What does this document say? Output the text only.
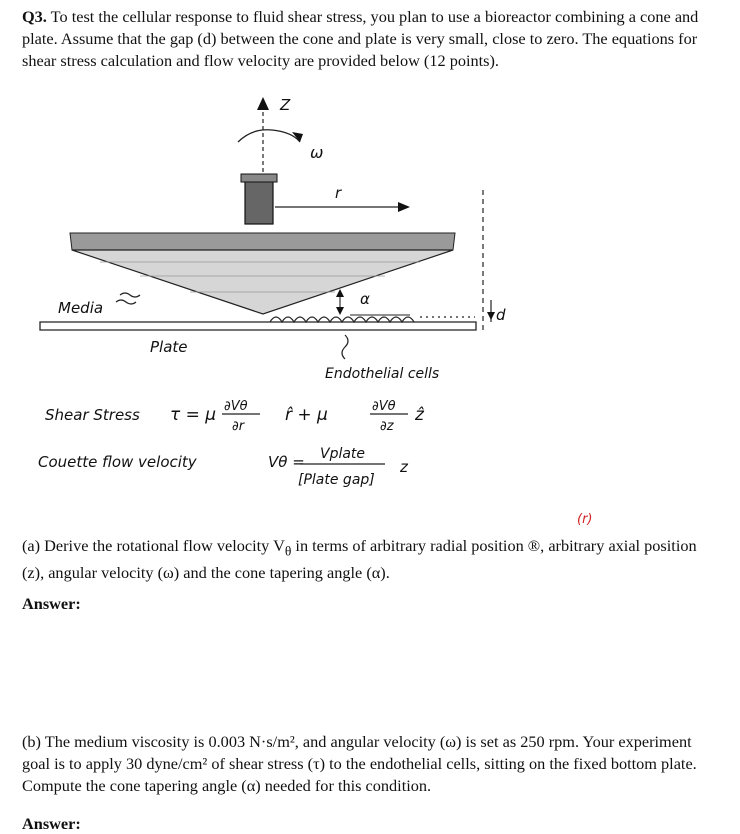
Q3. To test the cellular response to fluid shear stress, you plan to use a bioreactor combining a cone and plate. Assume that the gap (d) between the cone and plate is very small, close to zero. The equations for shear stress calculation and flow velocity are provided below (12 points).
Z
ω
r
α
Media	d
Plate
Endothelial cells
Shear Stress τ = μ ∂Vθ
∂r
r̂ + μ	∂Vθ
∂z
ẑ
Couette flow velocity	Vθ = Vplate
[Plate gap]
z
(r)
(a) Derive the rotational flow velocity $V_\theta$ in terms of arbitrary radial position ®, arbitrary axial position (z), angular velocity (ω) and the cone tapering angle (α).
Answer:
(b) The medium viscosity is 0.003 N·s/m², and angular velocity (ω) is set as 250 rpm. Your experiment goal is to apply 30 dyne/cm² of shear stress (τ) to the endothelial cells, sitting on the fixed bottom plate. Compute the cone tapering angle (α) needed for this condition.
Answer:
